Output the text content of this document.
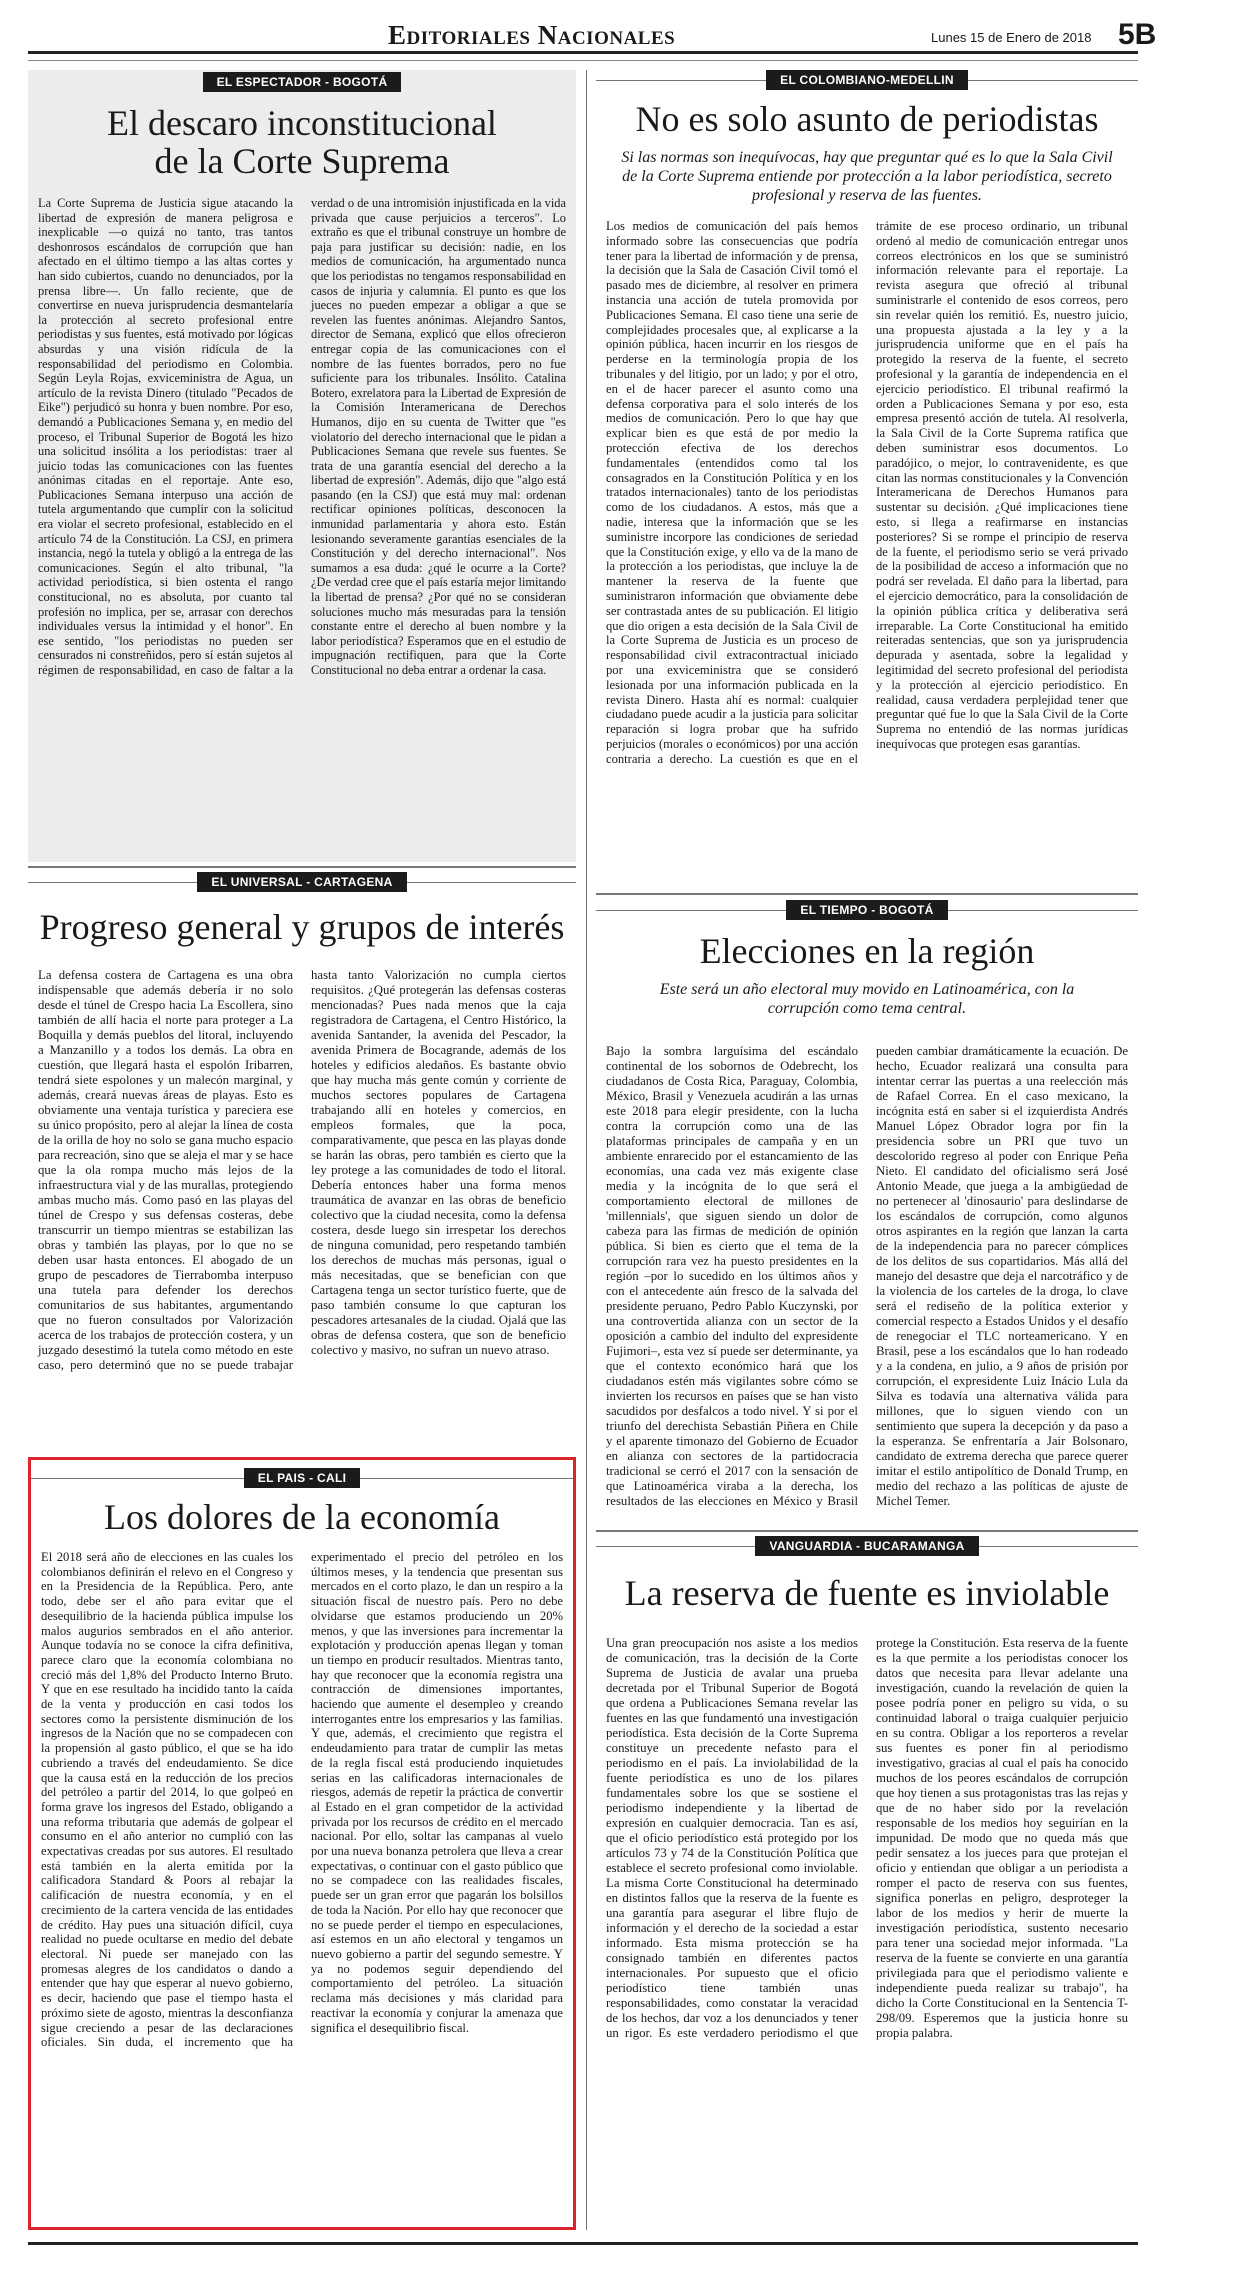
Editoriales Nacionales	Lunes 15 de Enero de 2018 5B
EL ESPECTADOR - BOGOTÁ
El descaro inconstitucional de la Corte Suprema
La Corte Suprema de Justicia sigue atacando la libertad de expresión de manera peligrosa e inexplicable —o quizá no tanto, tras tantos deshonrosos escándalos de corrupción que han afectado en el último tiempo a las altas cortes y han sido cubiertos, cuando no denunciados, por la prensa libre—. Un fallo reciente, que de convertirse en nueva jurisprudencia desmantelaría la protección al secreto profesional entre periodistas y sus fuentes, está motivado por lógicas absurdas y una visión ridícula de la responsabilidad del periodismo en Colombia. Según Leyla Rojas, exviceministra de Agua, un artículo de la revista Dinero (titulado "Pecados de Eike") perjudicó su honra y buen nombre. Por eso, demandó a Publicaciones Semana y, en medio del proceso, el Tribunal Superior de Bogotá les hizo una solicitud insólita a los periodistas: traer al juicio todas las comunicaciones con las fuentes anónimas citadas en el reportaje. Ante eso, Publicaciones Semana interpuso una acción de tutela argumentando que cumplir con la solicitud era violar el secreto profesional, establecido en el artículo 74 de la Constitución. La CSJ, en primera instancia, negó la tutela y obligó a la entrega de las comunicaciones. Según el alto tribunal, "la actividad periodística, si bien ostenta el rango constitucional, no es absoluta, por cuanto tal profesión no implica, per se, arrasar con derechos individuales versus la intimidad y el honor". En ese sentido, "los periodistas no pueden ser censurados ni constreñidos, pero sí están sujetos al régimen de responsabilidad, en caso de faltar a la verdad o de una intromisión injustificada en la vida privada que cause perjuicios a terceros". Lo extraño es que el tribunal construye un hombre de paja para justificar su decisión: nadie, en los medios de comunicación, ha argumentado nunca que los periodistas no tengamos responsabilidad en casos de injuria y calumnia. El punto es que los jueces no pueden empezar a obligar a que se revelen las fuentes anónimas. Alejandro Santos, director de Semana, explicó que ellos ofrecieron entregar copia de las comunicaciones con el nombre de las fuentes borrados, pero no fue suficiente para los tribunales. Insólito. Catalina Botero, exrelatora para la Libertad de Expresión de la Comisión Interamericana de Derechos Humanos, dijo en su cuenta de Twitter que "es violatorio del derecho internacional que le pidan a Publicaciones Semana que revele sus fuentes. Se trata de una garantía esencial del derecho a la libertad de expresión". Además, dijo que "algo está pasando (en la CSJ) que está muy mal: ordenan rectificar opiniones políticas, desconocen la inmunidad parlamentaria y ahora esto. Están lesionando severamente garantías esenciales de la Constitución y del derecho internacional". Nos sumamos a esa duda: ¿qué le ocurre a la Corte? ¿De verdad cree que el país estaría mejor limitando la libertad de prensa? ¿Por qué no se consideran soluciones mucho más mesuradas para la tensión constante entre el derecho al buen nombre y la labor periodística? Esperamos que en el estudio de impugnación rectifiquen, para que la Corte Constitucional no deba entrar a ordenar la casa.
EL COLOMBIANO-MEDELLIN
No es solo asunto de periodistas

Si las normas son inequívocas, hay que preguntar qué es lo que la Sala Civil de la Corte Suprema entiende por protección a la labor periodística, secreto profesional y reserva de las fuentes.

Los medios de comunicación del país hemos informado sobre las consecuencias que podría tener para la libertad de información y de prensa, la decisión que la Sala de Casación Civil tomó el pasado mes de diciembre, al resolver en primera instancia una acción de tutela promovida por Publicaciones Semana. El caso tiene una serie de complejidades procesales que, al explicarse a la opinión pública, hacen incurrir en los riesgos de perderse en la terminología propia de los tribunales y del litigio, por un lado; y por el otro, en el de hacer parecer el asunto como una defensa corporativa para el solo interés de los medios de comunicación. Pero lo que hay que explicar bien es que está de por medio la protección efectiva de los derechos fundamentales (entendidos como tal los consagrados en la Constitución Política y en los tratados internacionales) tanto de los periodistas como de los ciudadanos. A estos, más que a nadie, interesa que la información que se les suministre incorpore las condiciones de seriedad que la Constitución exige, y ello va de la mano de la protección a los periodistas, que incluye la de mantener la reserva de la fuente que suministraron información que obviamente debe ser contrastada antes de su publicación. El litigio que dio origen a esta decisión de la Sala Civil de la Corte Suprema de Justicia es un proceso de responsabilidad civil extracontractual iniciado por una exviceministra que se consideró lesionada por una información publicada en la revista Dinero. Hasta ahí es normal: cualquier ciudadano puede acudir a la justicia para solicitar reparación si logra probar que ha sufrido perjuicios (morales o económicos) por una acción contraria a derecho. La cuestión es que en el trámite de ese proceso ordinario, un tribunal ordenó al medio de comunicación entregar unos correos electrónicos en los que se suministró información relevante para el reportaje. La revista asegura que ofreció al tribunal suministrarle el contenido de esos correos, pero sin revelar quién los remitió. Es, nuestro juicio, una propuesta ajustada a la ley y a la jurisprudencia uniforme que en el país ha protegido la reserva de la fuente, el secreto profesional y la garantía de independencia en el ejercicio periodístico. El tribunal reafirmó la orden a Publicaciones Semana y por eso, esta empresa presentó acción de tutela. Al resolverla, la Sala Civil de la Corte Suprema ratifica que deben suministrar esos documentos. Lo paradójico, o mejor, lo contravenidente, es que citan las normas constitucionales y la Convención Interamericana de Derechos Humanos para sustentar su decisión. ¿Qué implicaciones tiene esto, si llega a reafirmarse en instancias posteriores? Si se rompe el principio de reserva de la fuente, el periodismo serio se verá privado de la posibilidad de acceso a información que no podrá ser revelada. El daño para la libertad, para el ejercicio democrático, para la consolidación de la opinión pública crítica y deliberativa será irreparable. La Corte Constitucional ha emitido reiteradas sentencias, que son ya jurisprudencia depurada y asentada, sobre la legalidad y legitimidad del secreto profesional del periodista y la protección al ejercicio periodístico. En realidad, causa verdadera perplejidad tener que preguntar qué fue lo que la Sala Civil de la Corte Suprema no entendió de las normas jurídicas inequívocas que protegen esas garantías.
EL UNIVERSAL - CARTAGENA
Progreso general y grupos de interés
La defensa costera de Cartagena es una obra indispensable que además debería ir no solo desde el túnel de Crespo hacia La Escollera, sino también de allí hacia el norte para proteger a La Boquilla y demás pueblos del litoral, incluyendo a Manzanillo y a todos los demás. La obra en cuestión, que llegará hasta el espolón Iribarren, tendrá siete espolones y un malecón marginal, y además, creará nuevas áreas de playas. Esto es obviamente una ventaja turística y pareciera ese su único propósito, pero al alejar la línea de costa de la orilla de hoy no solo se gana mucho espacio para recreación, sino que se aleja el mar y se hace que la ola rompa mucho más lejos de la infraestructura vial y de las murallas, protegiendo ambas mucho más. Como pasó en las playas del túnel de Crespo y sus defensas costeras, debe transcurrir un tiempo mientras se estabilizan las obras y también las playas, por lo que no se deben usar hasta entonces. El abogado de un grupo de pescadores de Tierrabomba interpuso una tutela para defender los derechos comunitarios de sus habitantes, argumentando que no fueron consultados por Valorización acerca de los trabajos de protección costera, y un juzgado desestimó la tutela como método en este caso, pero determinó que no se puede trabajar hasta tanto Valorización no cumpla ciertos requisitos. ¿Qué protegerán las defensas costeras mencionadas? Pues nada menos que la caja registradora de Cartagena, el Centro Histórico, la avenida Santander, la avenida del Pescador, la avenida Primera de Bocagrande, además de los hoteles y edificios aledaños. Es bastante obvio que hay mucha más gente común y corriente de muchos sectores populares de Cartagena trabajando allí en hoteles y comercios, en empleos formales, que la poca, comparativamente, que pesca en las playas donde se harán las obras, pero también es cierto que la ley protege a las comunidades de todo el litoral. Debería entonces haber una forma menos traumática de avanzar en las obras de beneficio colectivo que la ciudad necesita, como la defensa costera, desde luego sin irrespetar los derechos de ninguna comunidad, pero respetando también los derechos de muchas más personas, igual o más necesitadas, que se benefician con que Cartagena tenga un sector turístico fuerte, que de paso también consume lo que capturan los pescadores artesanales de la ciudad. Ojalá que las obras de defensa costera, que son de beneficio colectivo y masivo, no sufran un nuevo atraso.
EL TIEMPO - BOGOTÁ
Elecciones en la región

Este será un año electoral muy movido en Latinoamérica, con la corrupción como tema central.

Bajo la sombra larguísima del escándalo continental de los sobornos de Odebrecht, los ciudadanos de Costa Rica, Paraguay, Colombia, México, Brasil y Venezuela acudirán a las urnas este 2018 para elegir presidente, con la lucha contra la corrupción como una de las plataformas principales de campaña y en un ambiente enrarecido por el estancamiento de las economías, una cada vez más exigente clase media y la incógnita de lo que será el comportamiento electoral de millones de 'millennials', que siguen siendo un dolor de cabeza para las firmas de medición de opinión pública. Si bien es cierto que el tema de la corrupción rara vez ha puesto presidentes en la región –por lo sucedido en los últimos años y con el antecedente aún fresco de la salvada del presidente peruano, Pedro Pablo Kuczynski, por una controvertida alianza con un sector de la oposición a cambio del indulto del expresidente Fujimori–, esta vez sí puede ser determinante, ya que el contexto económico hará que los ciudadanos estén más vigilantes sobre cómo se invierten los recursos en países que se han visto sacudidos por desfalcos a todo nivel. Y si por el triunfo del derechista Sebastián Piñera en Chile y el aparente timonazo del Gobierno de Ecuador en alianza con sectores de la partidocracia tradicional se cerró el 2017 con la sensación de que Latinoamérica viraba a la derecha, los resultados de las elecciones en México y Brasil pueden cambiar dramáticamente la ecuación. De hecho, Ecuador realizará una consulta para intentar cerrar las puertas a una reelección más de Rafael Correa. En el caso mexicano, la incógnita está en saber si el izquierdista Andrés Manuel López Obrador logra por fin la presidencia sobre un PRI que tuvo un descolorido regreso al poder con Enrique Peña Nieto. El candidato del oficialismo será José Antonio Meade, que juega a la ambigüedad de no pertenecer al 'dinosaurio' para deslindarse de los escándalos de corrupción, como algunos otros aspirantes en la región que lanzan la carta de la independencia para no parecer cómplices de los delitos de sus copartidarios. Más allá del manejo del desastre que deja el narcotráfico y de la violencia de los carteles de la droga, lo clave será el rediseño de la política exterior y comercial respecto a Estados Unidos y el desafío de renegociar el TLC norteamericano. Y en Brasil, pese a los escándalos que lo han rodeado y a la condena, en julio, a 9 años de prisión por corrupción, el expresidente Luiz Inácio Lula da Silva es todavía una alternativa válida para millones, que lo siguen viendo con un sentimiento que supera la decepción y da paso a la esperanza. Se enfrentaría a Jair Bolsonaro, candidato de extrema derecha que parece querer imitar el estilo antipolítico de Donald Trump, en medio del rechazo a las políticas de ajuste de Michel Temer.
EL PAIS - CALI
Los dolores de la economía
El 2018 será año de elecciones en las cuales los colombianos definirán el relevo en el Congreso y en la Presidencia de la República. Pero, ante todo, debe ser el año para evitar que el desequilibrio de la hacienda pública impulse los malos augurios sembrados en el año anterior. Aunque todavía no se conoce la cifra definitiva, parece claro que la economía colombiana no creció más del 1,8% del Producto Interno Bruto. Y que en ese resultado ha incidido tanto la caída de la venta y producción en casi todos los sectores como la persistente disminución de los ingresos de la Nación que no se compadecen con la propensión al gasto público, el que se ha ido cubriendo a través del endeudamiento. Se dice que la causa está en la reducción de los precios del petróleo a partir del 2014, lo que golpeó en forma grave los ingresos del Estado, obligando a una reforma tributaria que además de golpear el consumo en el año anterior no cumplió con las expectativas creadas por sus autores. El resultado está también en la alerta emitida por la calificadora Standard & Poors al rebajar la calificación de nuestra economía, y en el crecimiento de la cartera vencida de las entidades de crédito. Hay pues una situación difícil, cuya realidad no puede ocultarse en medio del debate electoral. Ni puede ser manejado con las promesas alegres de los candidatos o dando a entender que hay que esperar al nuevo gobierno, es decir, haciendo que pase el tiempo hasta el próximo siete de agosto, mientras la desconfianza sigue creciendo a pesar de las declaraciones oficiales. Sin duda, el incremento que ha experimentado el precio del petróleo en los últimos meses, y la tendencia que presentan sus mercados en el corto plazo, le dan un respiro a la situación fiscal de nuestro país. Pero no debe olvidarse que estamos produciendo un 20% menos, y que las inversiones para incrementar la explotación y producción apenas llegan y toman un tiempo en producir resultados. Mientras tanto, hay que reconocer que la economía registra una contracción de dimensiones importantes, haciendo que aumente el desempleo y creando interrogantes entre los empresarios y las familias. Y que, además, el crecimiento que registra el endeudamiento para tratar de cumplir las metas de la regla fiscal está produciendo inquietudes serias en las calificadoras internacionales de riesgos, además de repetir la práctica de convertir al Estado en el gran competidor de la actividad privada por los recursos de crédito en el mercado nacional. Por ello, soltar las campanas al vuelo por una nueva bonanza petrolera que lleva a crear expectativas, o continuar con el gasto público que no se compadece con las realidades fiscales, puede ser un gran error que pagarán los bolsillos de toda la Nación. Por ello hay que reconocer que no se puede perder el tiempo en especulaciones, así estemos en un año electoral y tengamos un nuevo gobierno a partir del segundo semestre. Y ya no podemos seguir dependiendo del comportamiento del petróleo. La situación reclama más decisiones y más claridad para reactivar la economía y conjurar la amenaza que significa el desequilibrio fiscal.
VANGUARDIA - BUCARAMANGA
La reserva de fuente es inviolable
Una gran preocupación nos asiste a los medios de comunicación, tras la decisión de la Corte Suprema de Justicia de avalar una prueba decretada por el Tribunal Superior de Bogotá que ordena a Publicaciones Semana revelar las fuentes en las que fundamentó una investigación periodística. Esta decisión de la Corte Suprema constituye un precedente nefasto para el periodismo en el país. La inviolabilidad de la fuente periodística es uno de los pilares fundamentales sobre los que se sostiene el periodismo independiente y la libertad de expresión en cualquier democracia. Tan es así, que el oficio periodístico está protegido por los artículos 73 y 74 de la Constitución Política que establece el secreto profesional como inviolable. La misma Corte Constitucional ha determinado en distintos fallos que la reserva de la fuente es una garantía para asegurar el libre flujo de información y el derecho de la sociedad a estar informado. Esta misma protección se ha consignado también en diferentes pactos internacionales. Por supuesto que el oficio periodístico tiene también unas responsabilidades, como constatar la veracidad de los hechos, dar voz a los denunciados y tener un rigor. Es este verdadero periodismo el que protege la Constitución. Esta reserva de la fuente es la que permite a los periodistas conocer los datos que necesita para llevar adelante una investigación, cuando la revelación de quien la posee podría poner en peligro su vida, o su continuidad laboral o traiga cualquier perjuicio en su contra. Obligar a los reporteros a revelar sus fuentes es poner fin al periodismo investigativo, gracias al cual el país ha conocido muchos de los peores escándalos de corrupción que hoy tienen a sus protagonistas tras las rejas y que de no haber sido por la revelación responsable de los medios hoy seguirían en la impunidad. De modo que no queda más que pedir sensatez a los jueces para que protejan el oficio y entiendan que obligar a un periodista a romper el pacto de reserva con sus fuentes, significa ponerlas en peligro, desproteger la labor de los medios y herir de muerte la investigación periodística, sustento necesario para tener una sociedad mejor informada. "La reserva de la fuente se convierte en una garantía privilegiada para que el periodismo valiente e independiente pueda realizar su trabajo", ha dicho la Corte Constitucional en la Sentencia T-298/09. Esperemos que la justicia honre su propia palabra.
